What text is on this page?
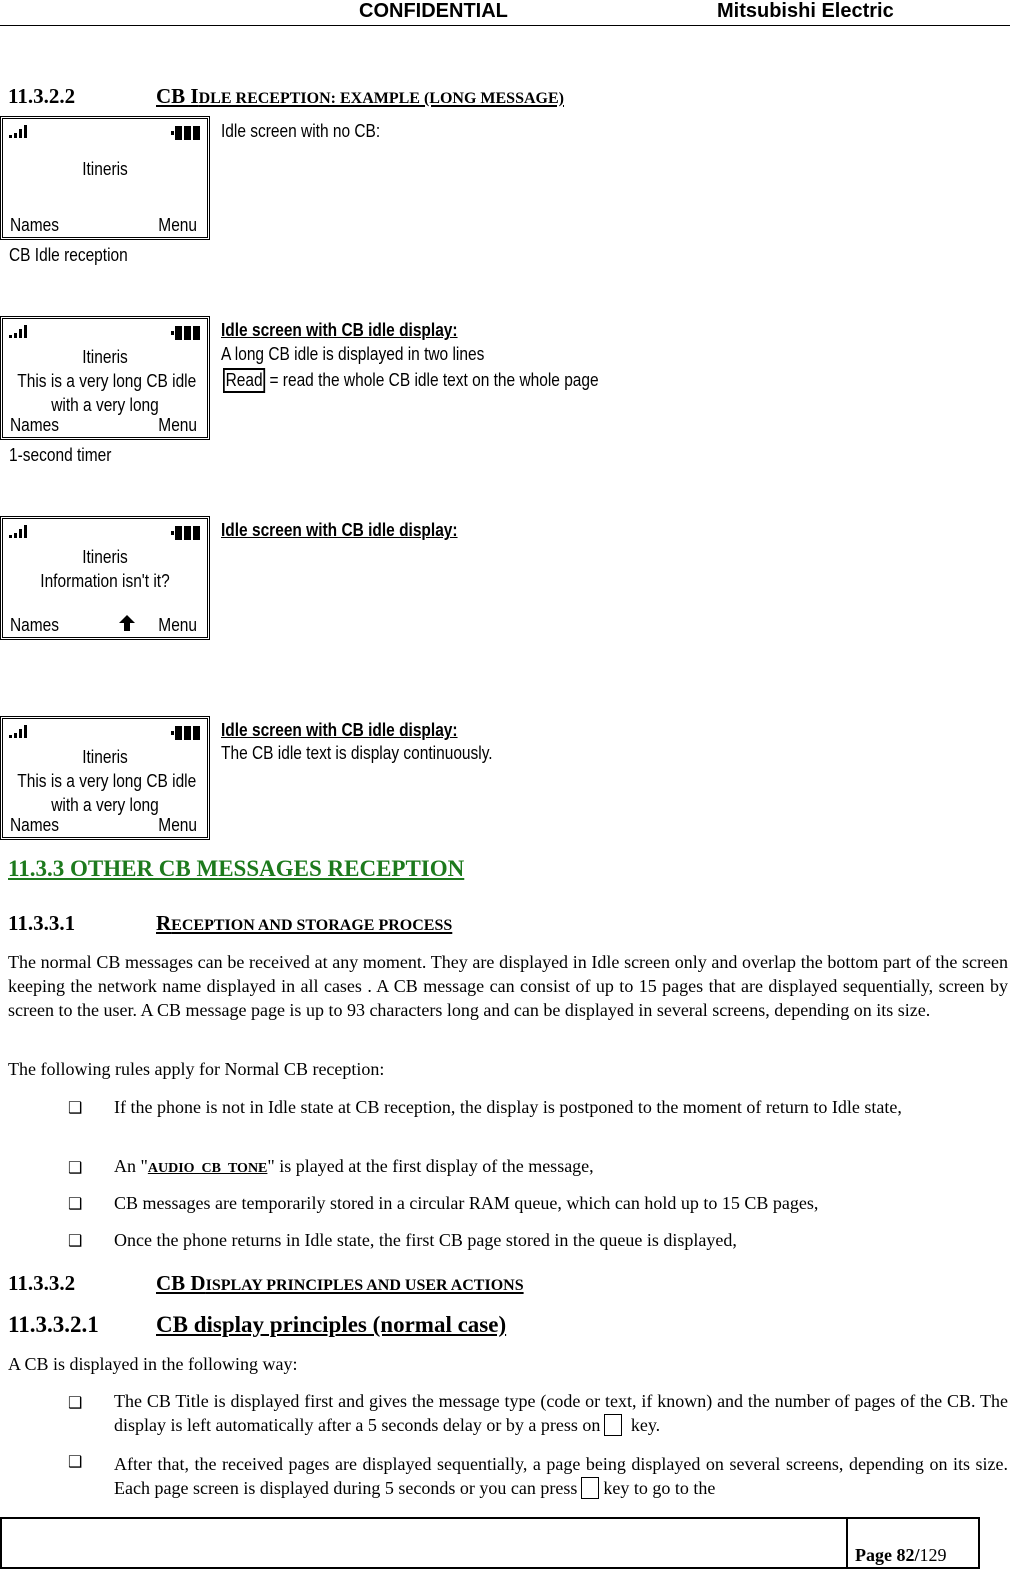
CONFIDENTIAL	Mitsubishi Electric
11.3.2.2	CB IDLE RECEPTION: EXAMPLE (LONG MESSAGE)
Itineris
Names	Menu
Idle screen with no CB:
CB Idle reception
Itineris
This is a very long CB idle
with a very long
Names	Menu
Idle screen with CB idle display:
A long CB idle is displayed in two lines
Read = read the whole CB idle text on the whole page
1-second timer
Itineris
Information isn't it?
Names	Menu
Idle screen with CB idle display:
Itineris
This is a very long CB idle
with a very long
Names	Menu
Idle screen with CB idle display:
The CB idle text is display continuously.
11.3.3 OTHER CB MESSAGES RECEPTION
11.3.3.1	RECEPTION AND STORAGE PROCESS
The normal CB messages can be received at any moment. They are displayed in Idle screen only and overlap the bottom part of the screen keeping the network name displayed in all cases . A CB message can consist of up to 15 pages that are displayed sequentially, screen by screen to the user. A CB message page is up to 93 characters long and can be displayed in several screens, depending on its size.
The following rules apply for Normal CB reception:
❑ If the phone is not in Idle state at CB reception, the display is postponed to the moment of return to Idle state,
❑ An "AUDIO_CB_TONE" is played at the first display of the message,
❑ CB messages are temporarily stored in a circular RAM queue, which can hold up to 15 CB pages,
❑ Once the phone returns in Idle state, the first CB page stored in the queue is displayed,
11.3.3.2	CB DISPLAY PRINCIPLES AND USER ACTIONS
11.3.3.2.1 CB display principles (normal case)
A CB is displayed in the following way:
❑ The CB Title is displayed first and gives the message type (code or text, if known) and the number of pages of the CB. The display is left automatically after a 5 seconds delay or by a press on key.
❑ After that, the received pages are displayed sequentially, a page being displayed on several screens, depending on its size. Each page screen is displayed during 5 seconds or you can press key to go to the
Page 82/129
